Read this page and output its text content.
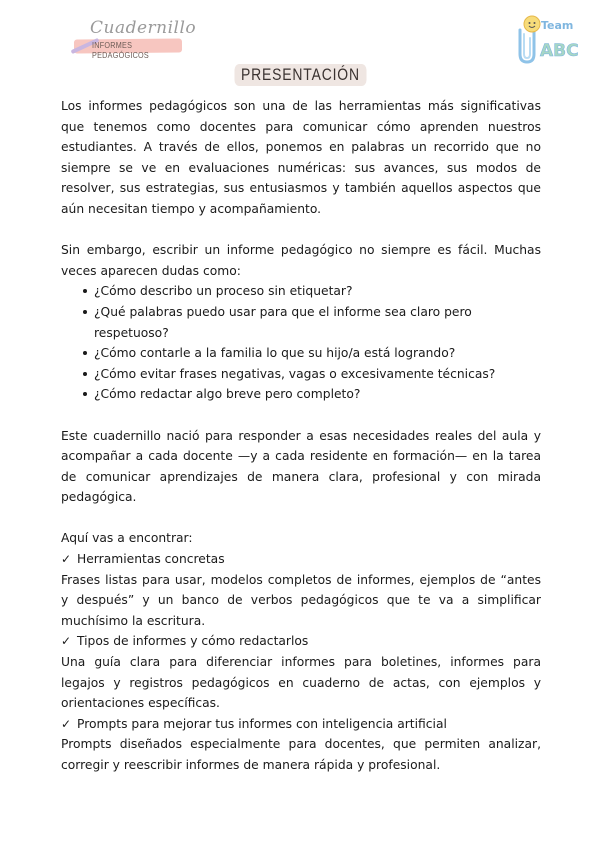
Cuadernillo
INFORMES PEDAGÓGICOS
Team
ABC
PRESENTACIÓN

Los informes pedagógicos son una de las herramientas más significativas que tenemos como docentes para comunicar cómo aprenden nuestros estudiantes. A través de ellos, ponemos en palabras un recorrido que no siempre se ve en evaluaciones numéricas: sus avances, sus modos de resolver, sus estrategias, sus entusiasmos y también aquellos aspectos que aún necesitan tiempo y acompañamiento.

Sin embargo, escribir un informe pedagógico no siempre es fácil. Muchas veces aparecen dudas como:

¿Cómo describo un proceso sin etiquetar?
¿Qué palabras puedo usar para que el informe sea claro pero respetuoso?
¿Cómo contarle a la familia lo que su hijo/a está logrando?
¿Cómo evitar frases negativas, vagas o excesivamente técnicas?
¿Cómo redactar algo breve pero completo?

Este cuadernillo nació para responder a esas necesidades reales del aula y acompañar a cada docente —y a cada residente en formación— en la tarea de comunicar aprendizajes de manera clara, profesional y con mirada pedagógica.

Aquí vas a encontrar:

✓ Herramientas concretas

Frases listas para usar, modelos completos de informes, ejemplos de “antes y después” y un banco de verbos pedagógicos que te va a simplificar muchísimo la escritura.

✓ Tipos de informes y cómo redactarlos

Una guía clara para diferenciar informes para boletines, informes para legajos y registros pedagógicos en cuaderno de actas, con ejemplos y orientaciones específicas.

✓ Prompts para mejorar tus informes con inteligencia artificial

Prompts diseñados especialmente para docentes, que permiten analizar, corregir y reescribir informes de manera rápida y profesional.
